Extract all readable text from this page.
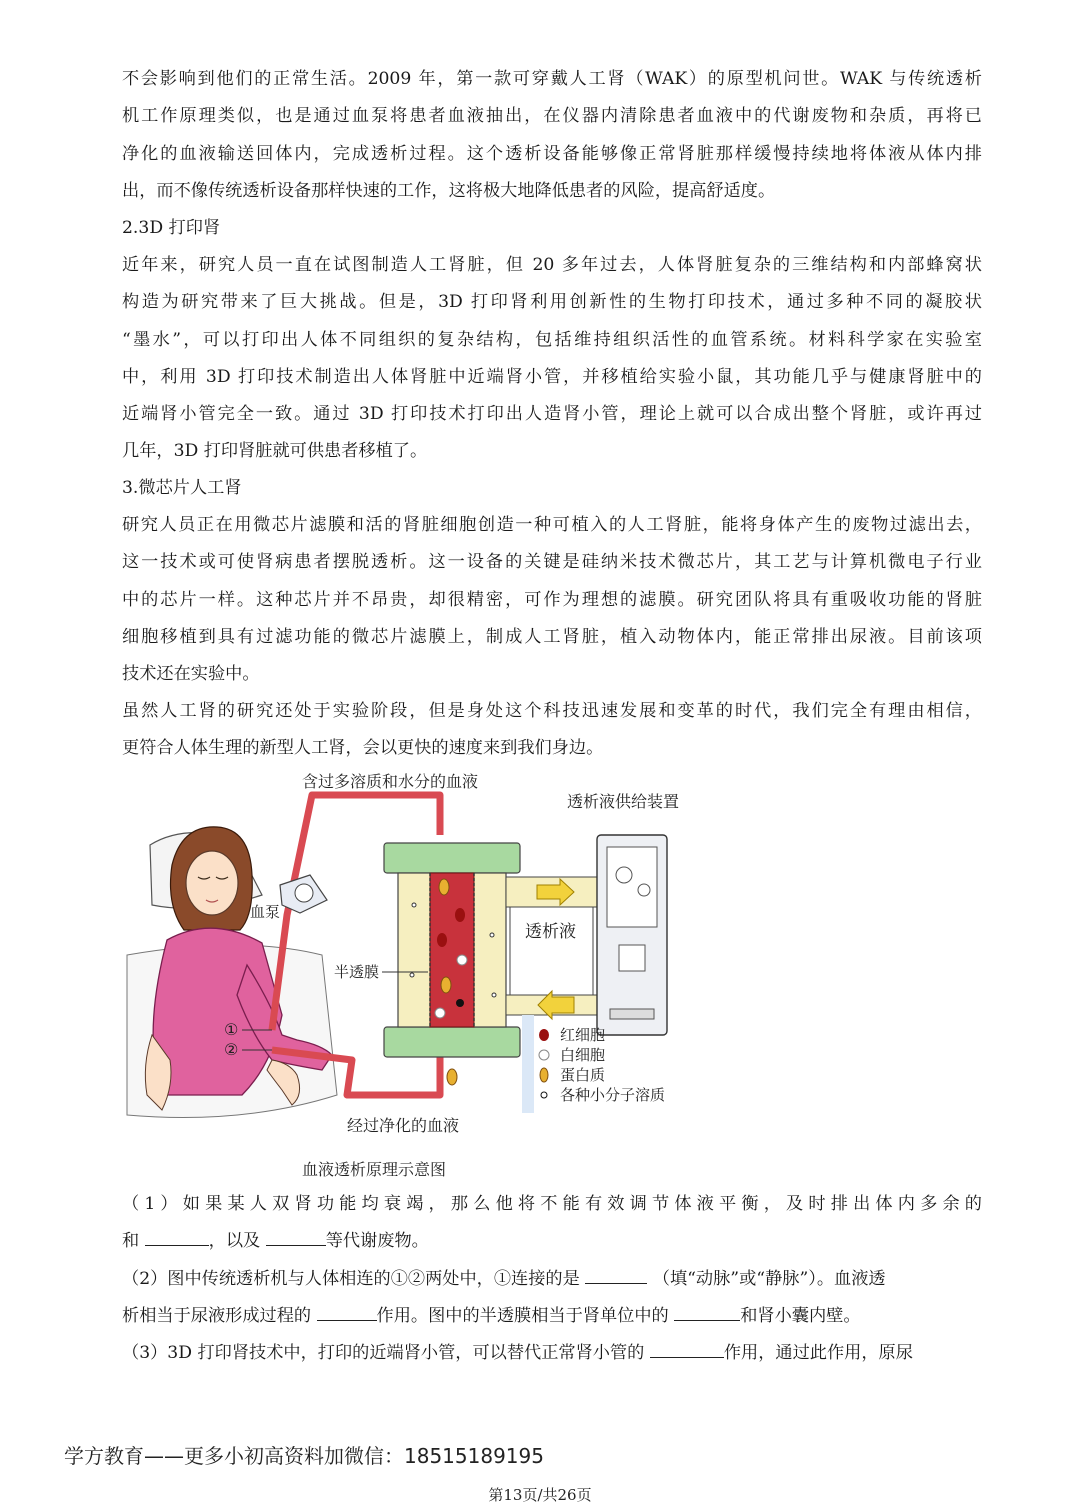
不会影响到他们的正常生活。2009 年，第一款可穿戴人工肾（WAK）的原型机问世。WAK 与传统透析
机工作原理类似，也是通过血泵将患者血液抽出，在仪器内清除患者血液中的代谢废物和杂质，再将已
净化的血液输送回体内，完成透析过程。这个透析设备能够像正常肾脏那样缓慢持续地将体液从体内排
出，而不像传统透析设备那样快速的工作，这将极大地降低患者的风险，提高舒适度。
2.3D 打印肾
近年来，研究人员一直在试图制造人工肾脏，但 20 多年过去，人体肾脏复杂的三维结构和内部蜂窝状
构造为研究带来了巨大挑战。但是，3D 打印肾利用创新性的生物打印技术，通过多种不同的凝胶状
“墨水”，可以打印出人体不同组织的复杂结构，包括维持组织活性的血管系统。材料科学家在实验室
中，利用 3D 打印技术制造出人体肾脏中近端肾小管，并移植给实验小鼠，其功能几乎与健康肾脏中的
近端肾小管完全一致。通过 3D 打印技术打印出人造肾小管，理论上就可以合成出整个肾脏，或许再过
几年，3D 打印肾脏就可供患者移植了。
3.微芯片人工肾
研究人员正在用微芯片滤膜和活的肾脏细胞创造一种可植入的人工肾脏，能将身体产生的废物过滤出去，
这一技术或可使肾病患者摆脱透析。这一设备的关键是硅纳米技术微芯片，其工艺与计算机微电子行业
中的芯片一样。这种芯片并不昂贵，却很精密，可作为理想的滤膜。研究团队将具有重吸收功能的肾脏
细胞移植到具有过滤功能的微芯片滤膜上，制成人工肾脏，植入动物体内，能正常排出尿液。目前该项
技术还在实验中。
虽然人工肾的研究还处于实验阶段，但是身处这个科技迅速发展和变革的时代，我们完全有理由相信，
更符合人体生理的新型人工肾，会以更快的速度来到我们身边。
含过多溶质和水分的血液
透析液供给装置
血泵
透析液
半透膜
①
②
红细胞
白细胞
蛋白质
各种小分子溶质
经过净化的血液
血液透析原理示意图
（1）如果某人双肾功能均衰竭，那么他将不能有效调节体液平衡，及时排出体内多余的
和	，以及	等代谢废物。
（2）图中传统透析机与人体相连的①②两处中，①连接的是	（填“动脉”或“静脉”）。血液透
析相当于尿液形成过程的	作用。图中的半透膜相当于肾单位中的	和肾小囊内壁。
（3）3D 打印肾技术中，打印的近端肾小管，可以替代正常肾小管的	作用，通过此作用，原尿
学方教育——更多小初高资料加微信：18515189195
第13页/共26页
